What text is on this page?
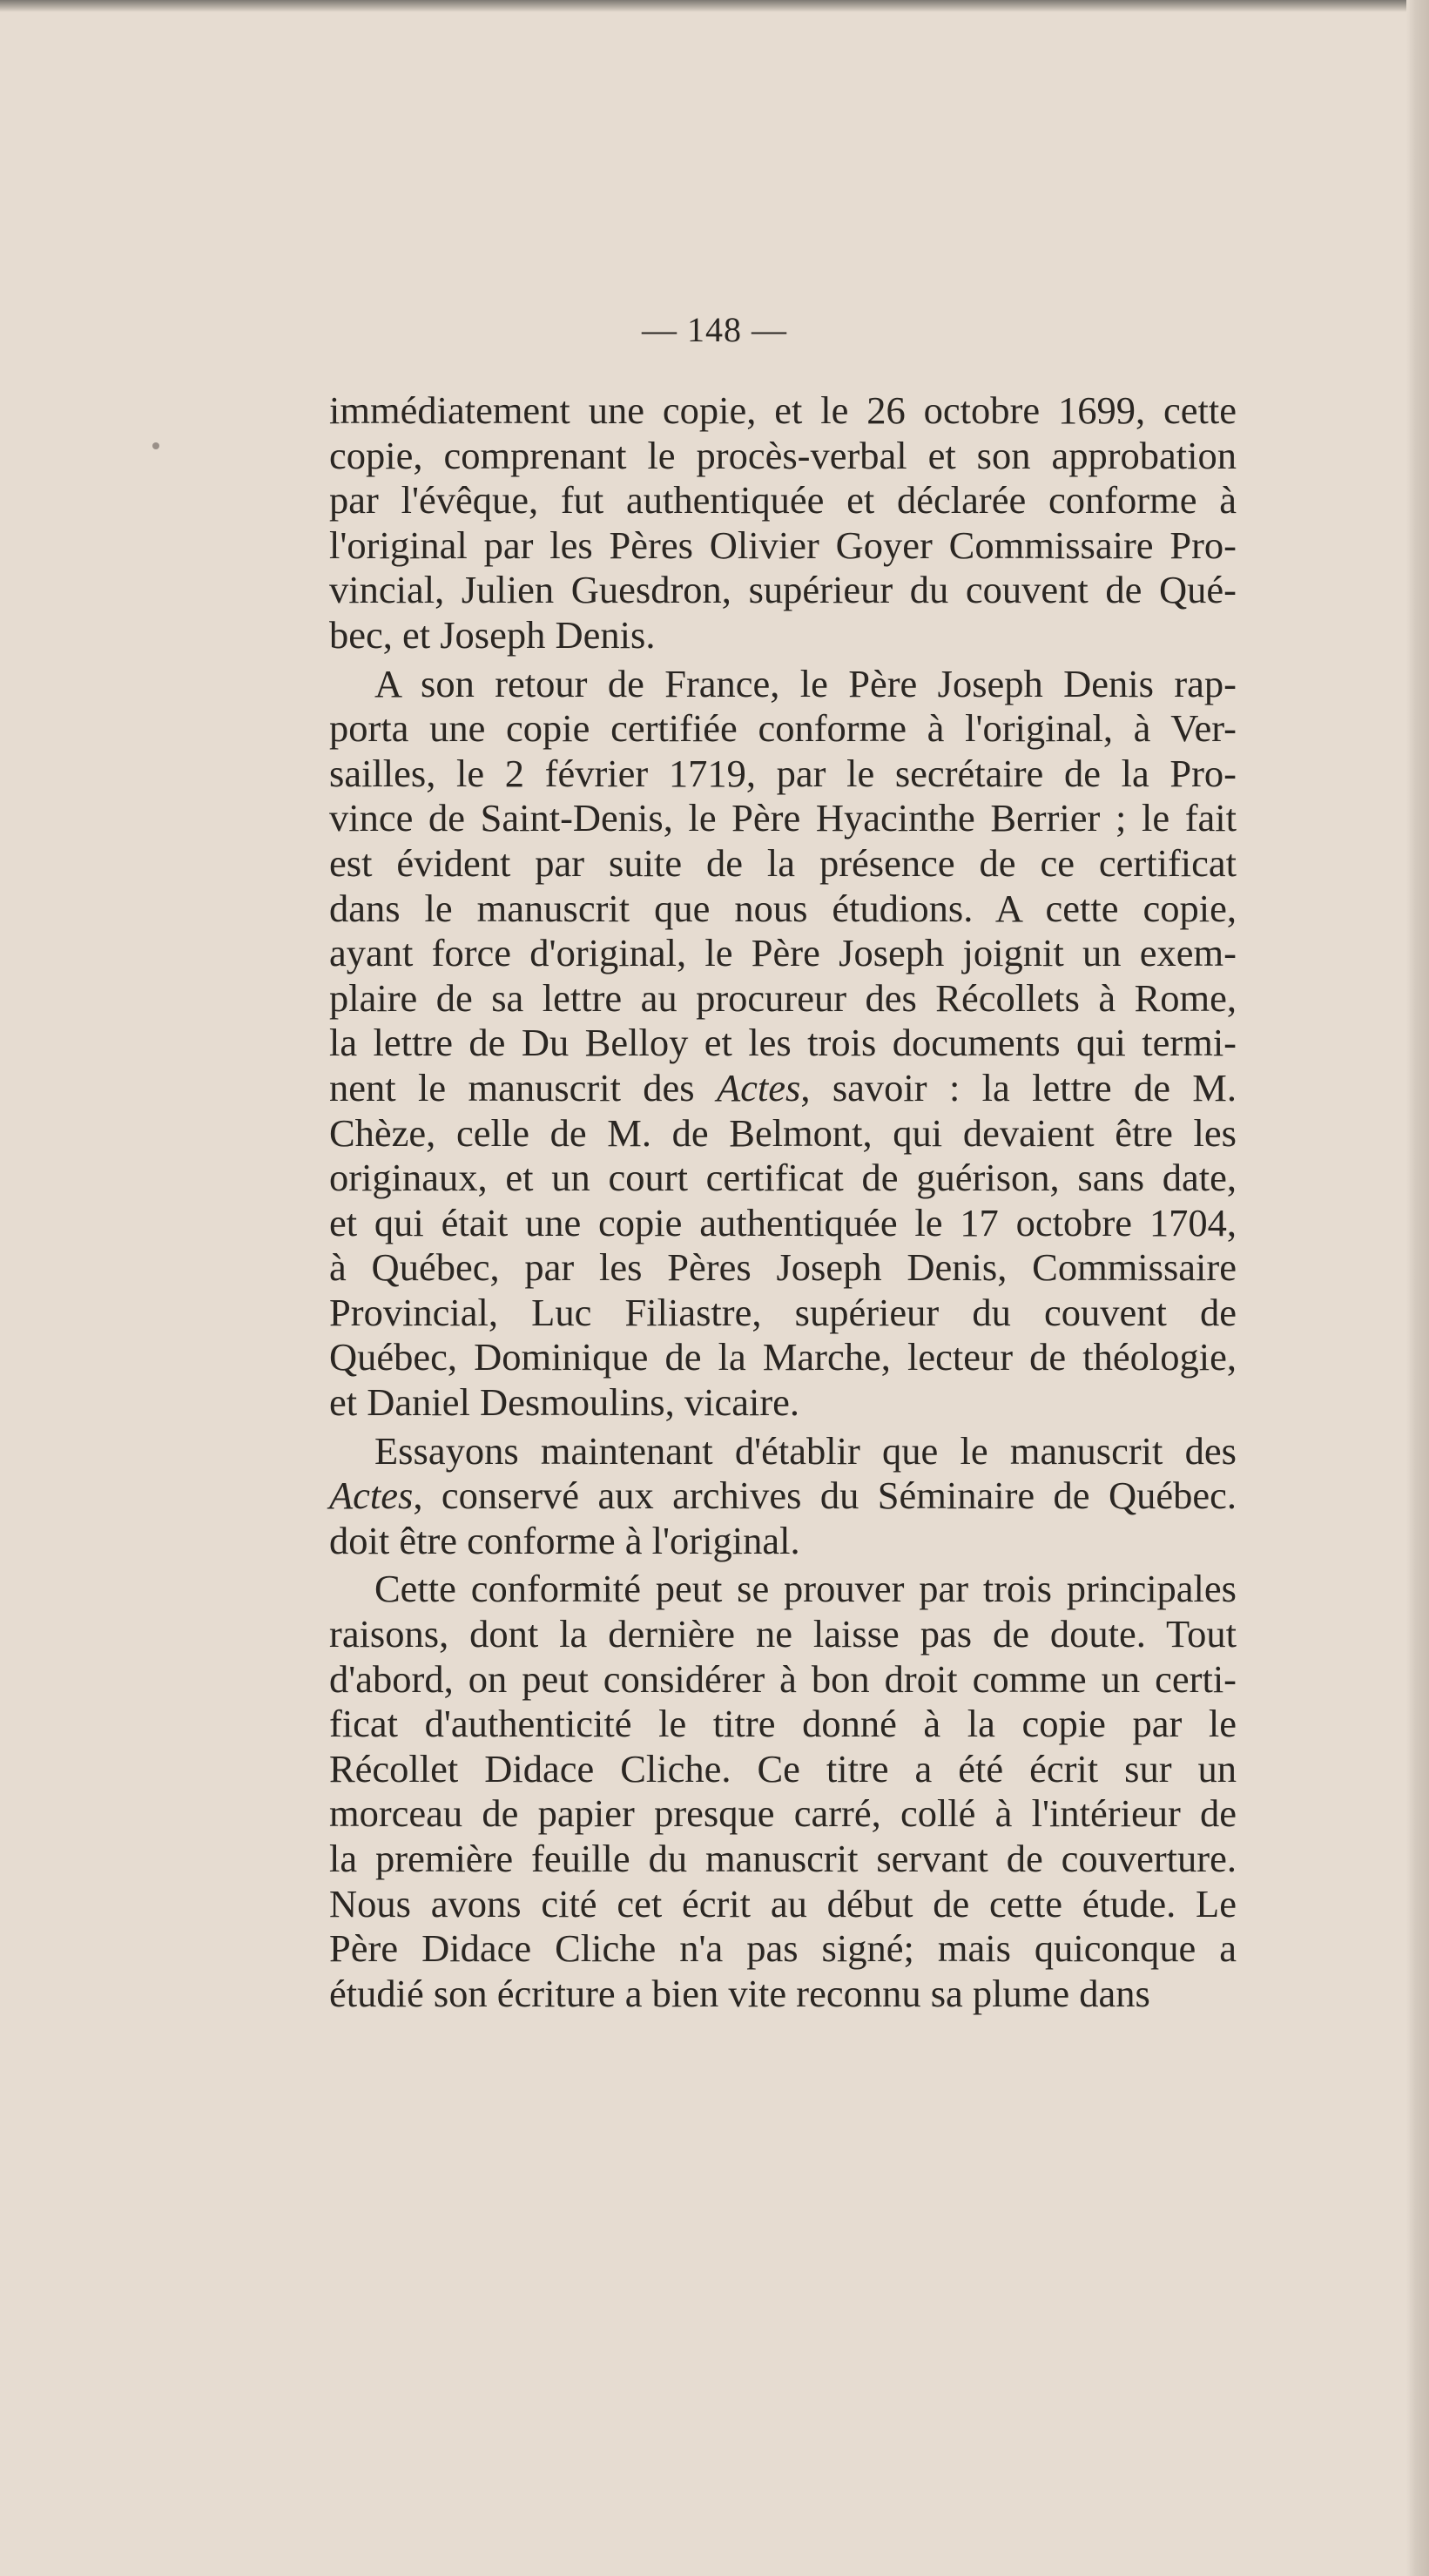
— 148 —

immédiatement une copie, et le 26 octobre 1699, cette
copie, comprenant le procès-verbal et son approbation
par l'évêque, fut authentiquée et déclarée conforme à
l'original par les Pères Olivier Goyer Commissaire Pro-
vincial, Julien Guesdron, supérieur du couvent de Qué-
bec, et Joseph Denis.

A son retour de France, le Père Joseph Denis rap-
porta une copie certifiée conforme à l'original, à Ver-
sailles, le 2 février 1719, par le secrétaire de la Pro-
vince de Saint-Denis, le Père Hyacinthe Berrier ; le fait
est évident par suite de la présence de ce certificat
dans le manuscrit que nous étudions. A cette copie,
ayant force d'original, le Père Joseph joignit un exem-
plaire de sa lettre au procureur des Récollets à Rome,
la lettre de Du Belloy et les trois documents qui termi-
nent le manuscrit des Actes, savoir : la lettre de M.
Chèze, celle de M. de Belmont, qui devaient être les
originaux, et un court certificat de guérison, sans date,
et qui était une copie authentiquée le 17 octobre 1704,
à Québec, par les Pères Joseph Denis, Commissaire
Provincial, Luc Filiastre, supérieur du couvent de
Québec, Dominique de la Marche, lecteur de théologie,
et Daniel Desmoulins, vicaire.

Essayons maintenant d'établir que le manuscrit des
Actes, conservé aux archives du Séminaire de Québec.
doit être conforme à l'original.

Cette conformité peut se prouver par trois principales
raisons, dont la dernière ne laisse pas de doute. Tout
d'abord, on peut considérer à bon droit comme un certi-
ficat d'authenticité le titre donné à la copie par le
Récollet Didace Cliche. Ce titre a été écrit sur un
morceau de papier presque carré, collé à l'intérieur de
la première feuille du manuscrit servant de couverture.
Nous avons cité cet écrit au début de cette étude. Le
Père Didace Cliche n'a pas signé; mais quiconque a
étudié son écriture a bien vite reconnu sa plume dans
